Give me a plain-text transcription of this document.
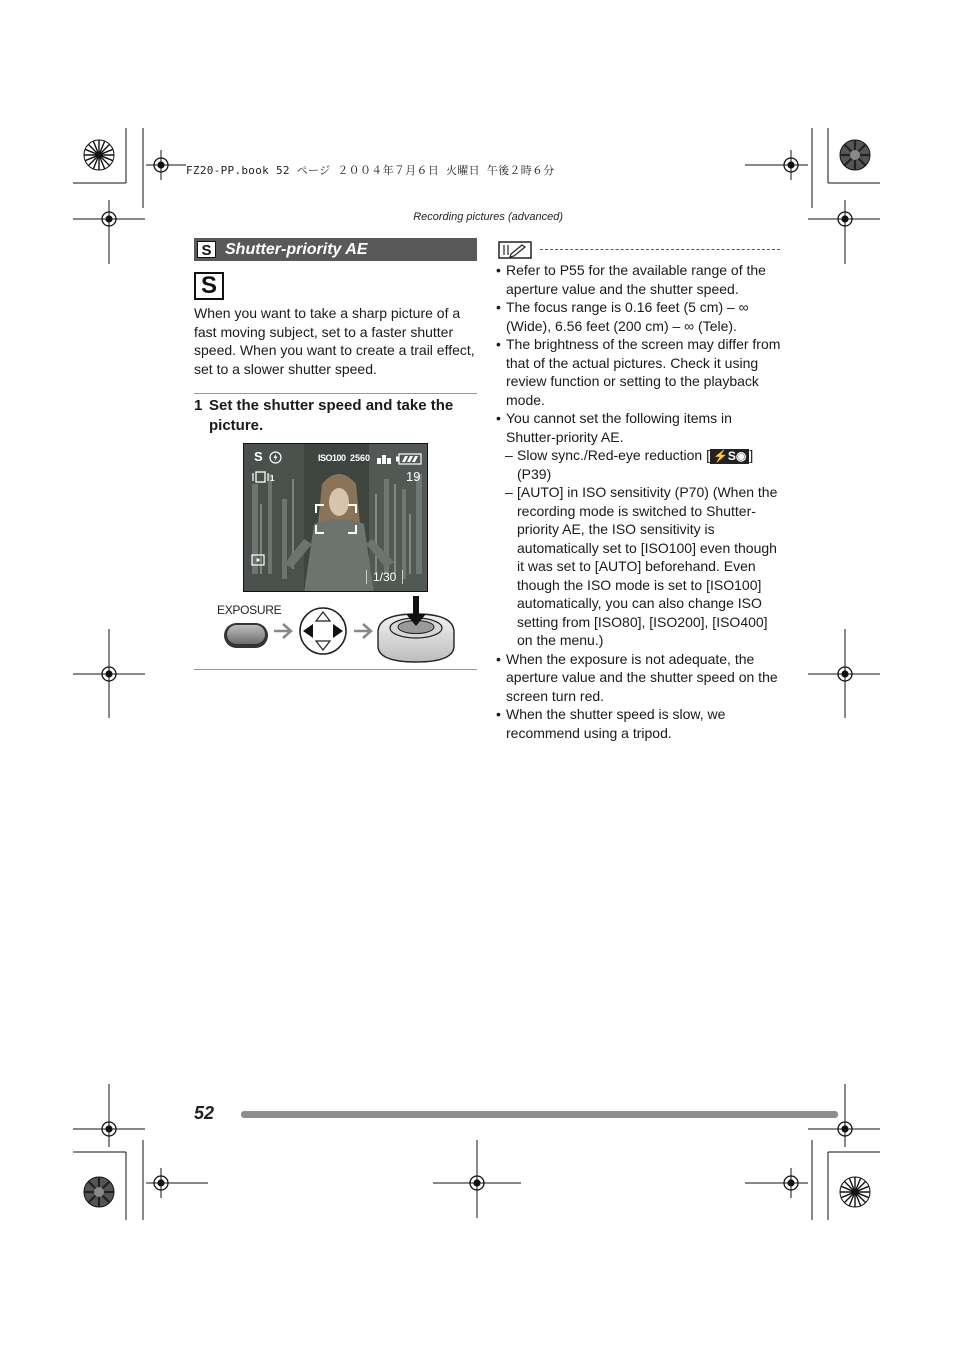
FZ20-PP.book 52 ページ ２００４年７月６日 火曜日 午後２時６分
Recording pictures (advanced)
S Shutter-priority AE
S

When you want to take a sharp picture of a fast moving subject, set to a faster shutter speed. When you want to create a trail effect, set to a slower shutter speed.

1 Set the shutter speed and take the picture.
S	ISO100 2560
1	19
1/30
EXPOSURE

• Refer to P55 for the available range of the aperture value and the shutter speed.

• The focus range is 0.16 feet (5 cm) – ∞ (Wide), 6.56 feet (200 cm) – ∞ (Tele).

• The brightness of the screen may differ from that of the actual pictures. Check it using review function or setting to the playback mode.

• You cannot set the following items in Shutter-priority AE.

– Slow sync./Red-eye reduction [ ⚡S◉ ] (P39)

– [AUTO] in ISO sensitivity (P70) (When the recording mode is switched to Shutter-priority AE, the ISO sensitivity is automatically set to [ISO100] even though it was set to [AUTO] beforehand. Even though the ISO mode is set to [ISO100] automatically, you can also change ISO setting from [ISO80], [ISO200], [ISO400] on the menu.)

• When the exposure is not adequate, the aperture value and the shutter speed on the screen turn red.

• When the shutter speed is slow, we recommend using a tripod.

52
